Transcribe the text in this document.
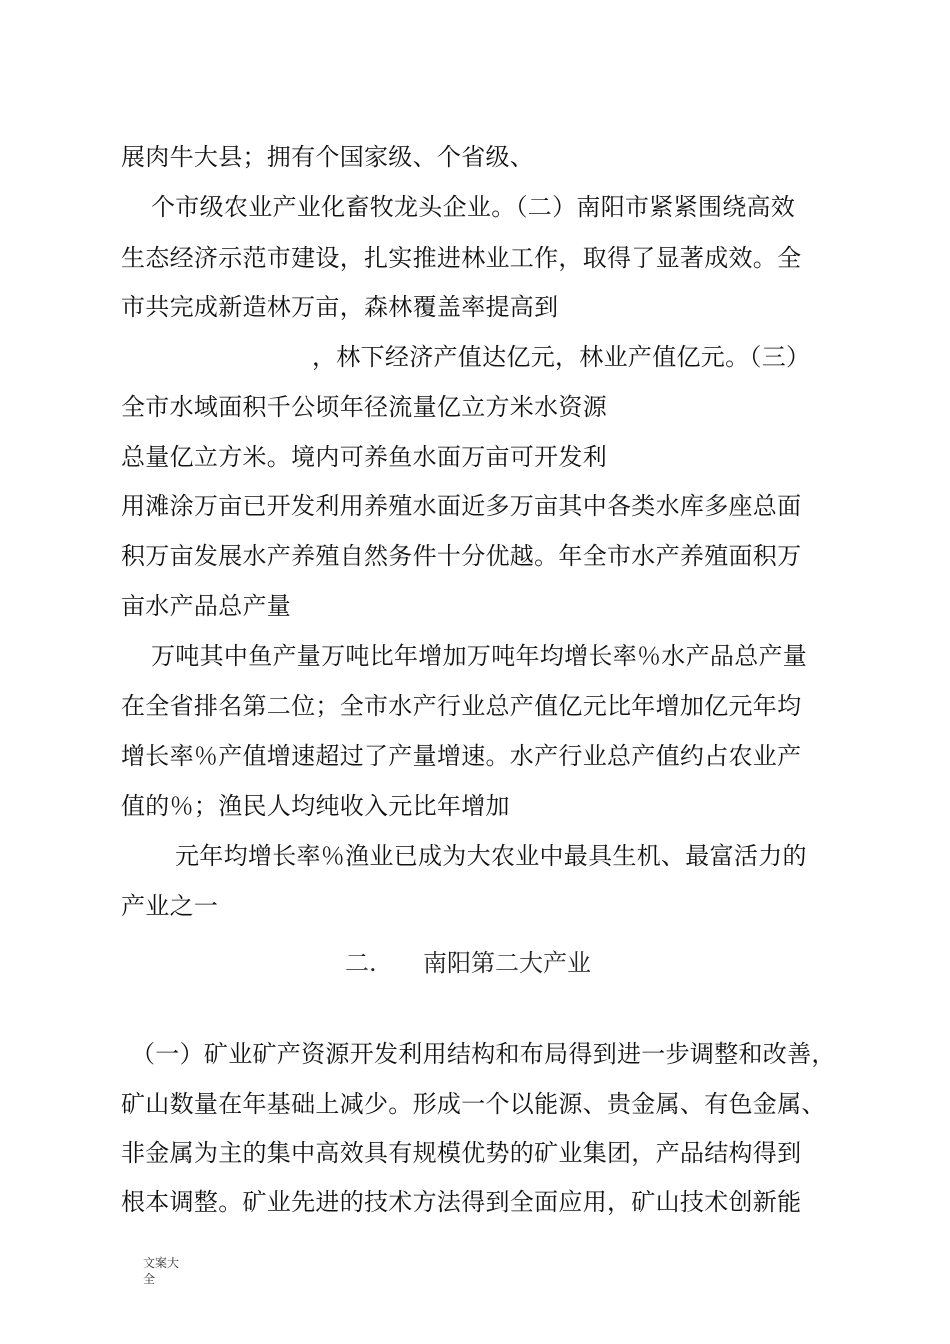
展肉牛大县；拥有个国家级、个省级、

个市级农业产业化畜牧龙头企业。（二）南阳市紧紧围绕高效

生态经济示范市建设，扎实推进林业工作，取得了显著成效。全

市共完成新造林万亩，森林覆盖率提高到

，林下经济产值达亿元，林业产值亿元。（三）

全市水域面积千公顷年径流量亿立方米水资源

总量亿立方米。境内可养鱼水面万亩可开发利

用滩涂万亩已开发利用养殖水面近多万亩其中各类水库多座总面

积万亩发展水产养殖自然务件十分优越。年全市水产养殖面积万

亩水产品总产量

万吨其中鱼产量万吨比年增加万吨年均增长率％水产品总产量

在全省排名第二位；全市水产行业总产值亿元比年增加亿元年均

增长率％产值增速超过了产量增速。水产行业总产值约占农业产

值的％；渔民人均纯收入元比年增加

元年均增长率％渔业已成为大农业中最具生机、最富活力的

产业之一

二. 南阳第二大产业

（一）矿业矿产资源开发利用结构和布局得到进一步调整和改善，

矿山数量在年基础上减少。形成一个以能源、贵金属、有色金属、

非金属为主的集中高效具有规模优势的矿业集团，产品结构得到

根本调整。矿业先进的技术方法得到全面应用，矿山技术创新能

文案大
全
